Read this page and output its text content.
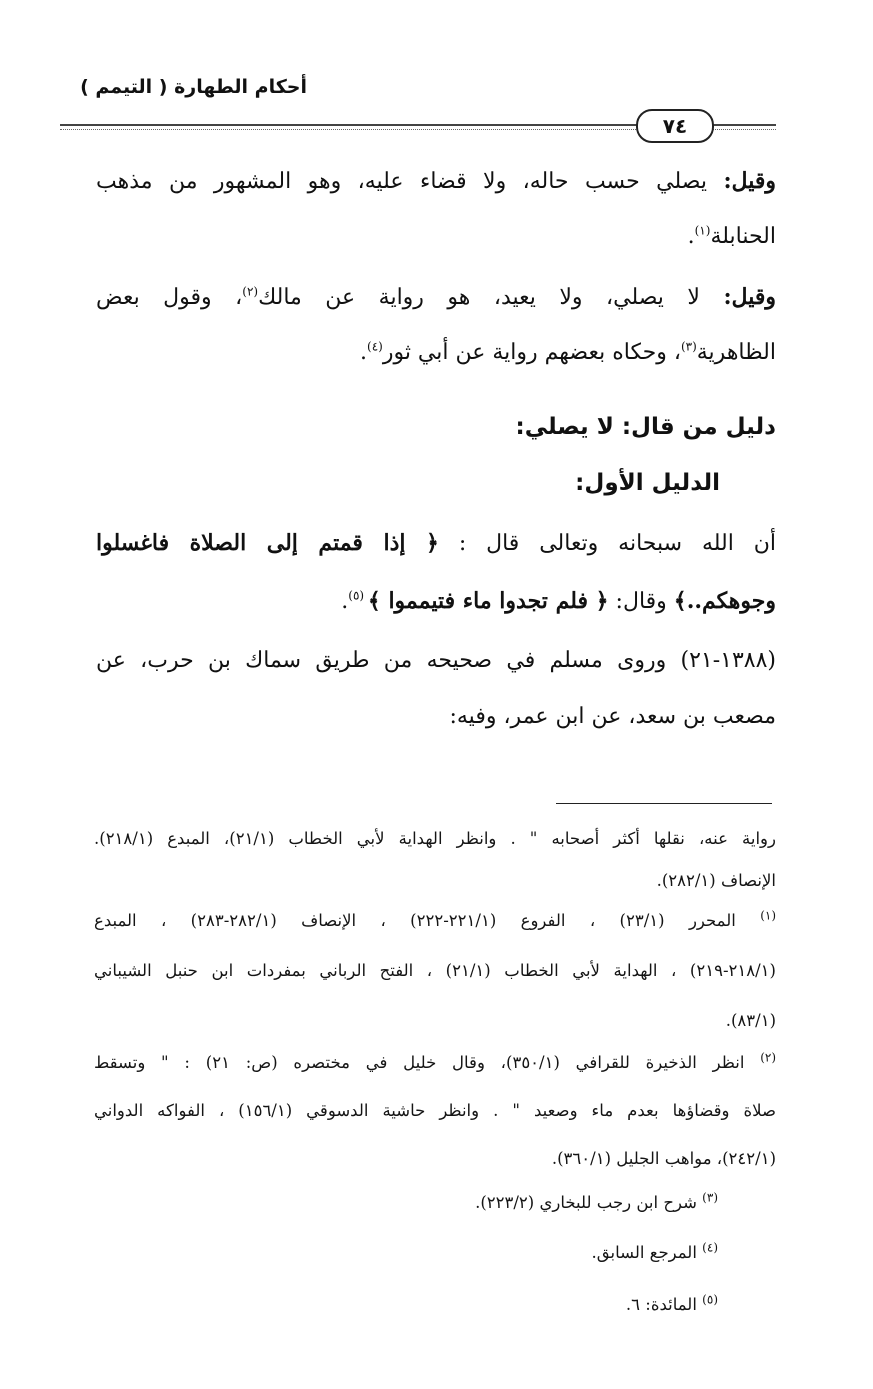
أحكام الطهارة ( التيمم )
٧٤
وقيل: يصلي حسب حاله، ولا قضاء عليه، وهو المشهور من مذهب
الحنابلة$^{(١)}$.
وقيل: لا يصلي، ولا يعيد، هو رواية عن مالك$^{(٢)}$، وقول بعض
الظاهرية$^{(٣)}$، وحكاه بعضهم رواية عن أبي ثور$^{(٤)}$.
دليل من قال: لا يصلي:
الدليل الأول:
أن الله سبحانه وتعالى قال : ﴿ إذا قمتم إلى الصلاة فاغسلوا
وجوهكم..﴾ وقال: ﴿ فلم تجدوا ماء فتيمموا ﴾ $^{(٥)}$.
(١٣٨٨-٢١) وروى مسلم في صحيحه من طريق سماك بن حرب، عن
مصعب بن سعد، عن ابن عمر، وفيه:
رواية عنه، نقلها أكثر أصحابه " . وانظر الهداية لأبي الخطاب (٢١/١)، المبدع (٢١٨/١).
الإنصاف (٢٨٢/١).
$^{(١)}$ المحرر (٢٣/١) ، الفروع (٢٢١/١-٢٢٢) ، الإنصاف (٢٨٢/١-٢٨٣) ، المبدع
(٢١٨/١-٢١٩) ، الهداية لأبي الخطاب (٢١/١) ، الفتح الرباني بمفردات ابن حنبل الشيباني
(٨٣/١).
$^{(٢)}$ انظر الذخيرة للقرافي (٣٥٠/١)، وقال خليل في مختصره (ص: ٢١) : " وتسقط
صلاة وقضاؤها بعدم ماء وصعيد " . وانظر حاشية الدسوقي (١٥٦/١) ، الفواكه الدواني
(٢٤٢/١)، مواهب الجليل (٣٦٠/١).
$^{(٣)}$ شرح ابن رجب للبخاري (٢٢٣/٢).
$^{(٤)}$ المرجع السابق.
$^{(٥)}$ المائدة: ٦.
